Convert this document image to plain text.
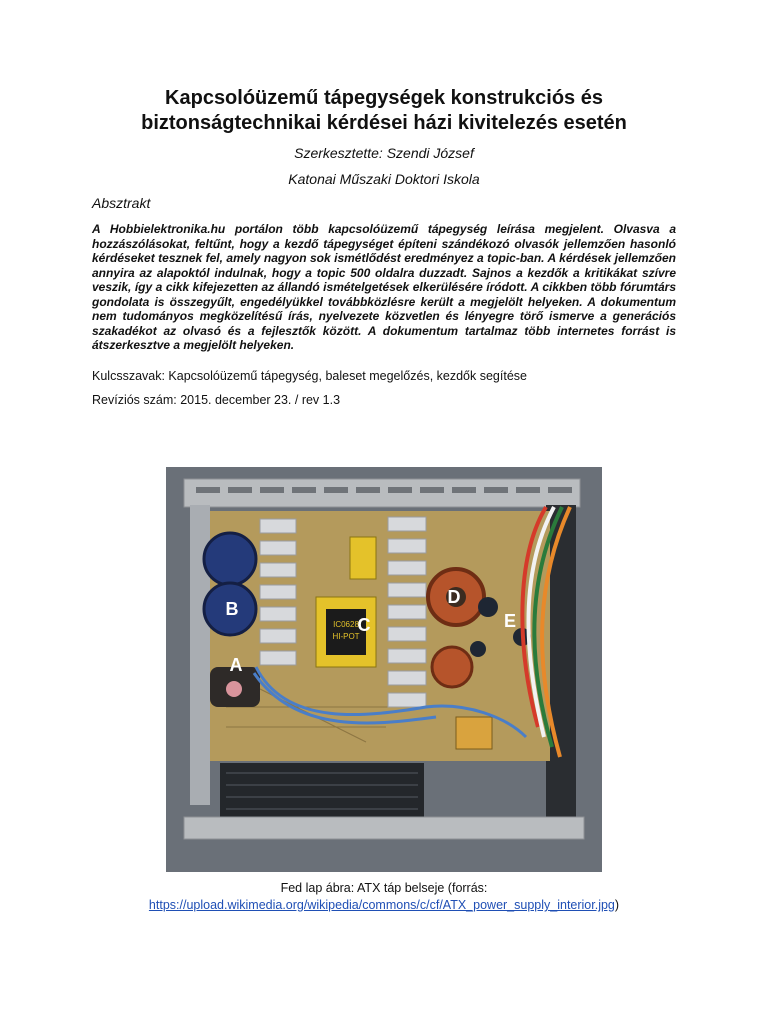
Kapcsolóüzemű tápegységek konstrukciós és
biztonságtechnikai kérdései házi kivitelezés esetén
Szerkesztette: Szendi József
Katonai Műszaki Doktori Iskola
Absztrakt
A Hobbielektronika.hu portálon több kapcsolóüzemű tápegység leírása megjelent. Olvasva a hozzászólásokat, feltűnt, hogy a kezdő tápegységet építeni szándékozó olvasók jellemzően hasonló kérdéseket tesznek fel, amely nagyon sok ismétlődést eredményez a topic-ban. A kérdések jellemzően annyira az alapoktól indulnak, hogy a topic 500 oldalra duzzadt. Sajnos a kezdők a kritikákat szívre veszik, így a cikk kifejezetten az állandó ismételgetések elkerülésére íródott. A cikkben több fórumtárs gondolata is összegyűlt, engedélyükkel továbbközlésre került a megjelölt helyeken. A dokumentum nem tudományos megközelítésű írás, nyelvezete közvetlen és lényegre törő ismerve a generációs szakadékot az olvasó és a fejlesztők között. A dokumentum tartalmaz több internetes forrást is átszerkesztve a megjelölt helyeken.
Kulcsszavak: Kapcsolóüzemű tápegység, baleset megelőzés, kezdők segítése
Revíziós szám: 2015. december 23. / rev 1.3
IC0628
HI-POT
A
B
C
D
E
Fed lap ábra: ATX táp belseje (forrás:
https://upload.wikimedia.org/wikipedia/commons/c/cf/ATX_power_supply_interior.jpg)
